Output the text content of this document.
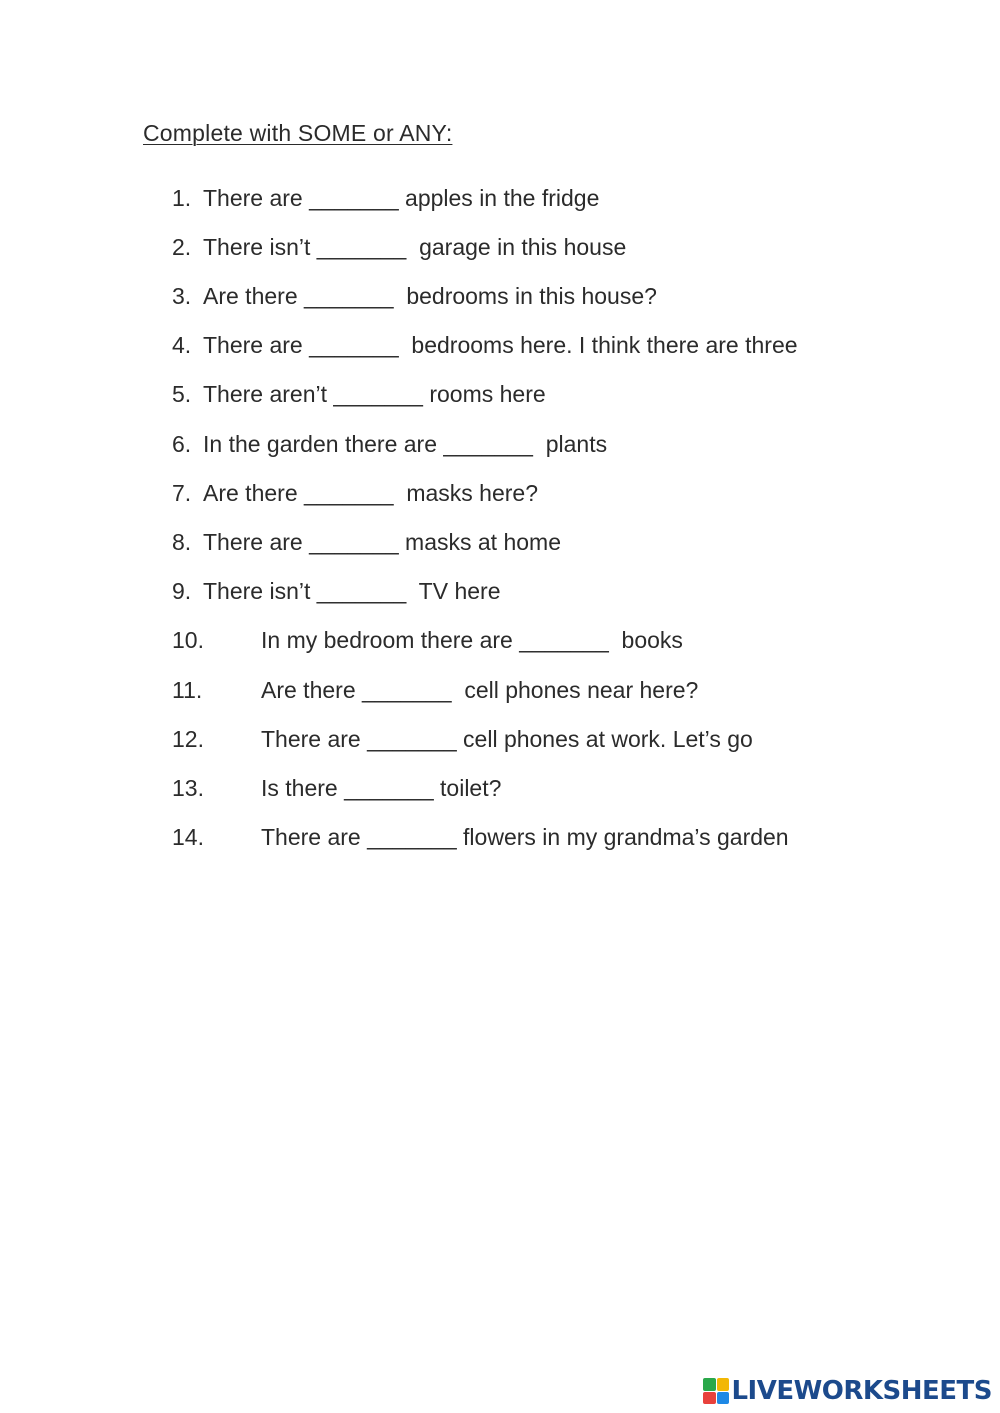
Complete with SOME or ANY:
1. There are _______ apples in the fridge
2. There isn’t _______  garage in this house
3. Are there _______  bedrooms in this house?
4. There are _______  bedrooms here. I think there are three
5. There aren’t _______ rooms here
6. In the garden there are _______  plants
7. Are there _______  masks here?
8. There are _______ masks at home
9. There isn’t _______  TV here
10. In my bedroom there are _______  books
11.	Are there _______  cell phones near here?
12. There are _______ cell phones at work. Let’s go
13. Is there _______ toilet?
14. There are _______ flowers in my grandma’s garden
LIVEWORKSHEETS
